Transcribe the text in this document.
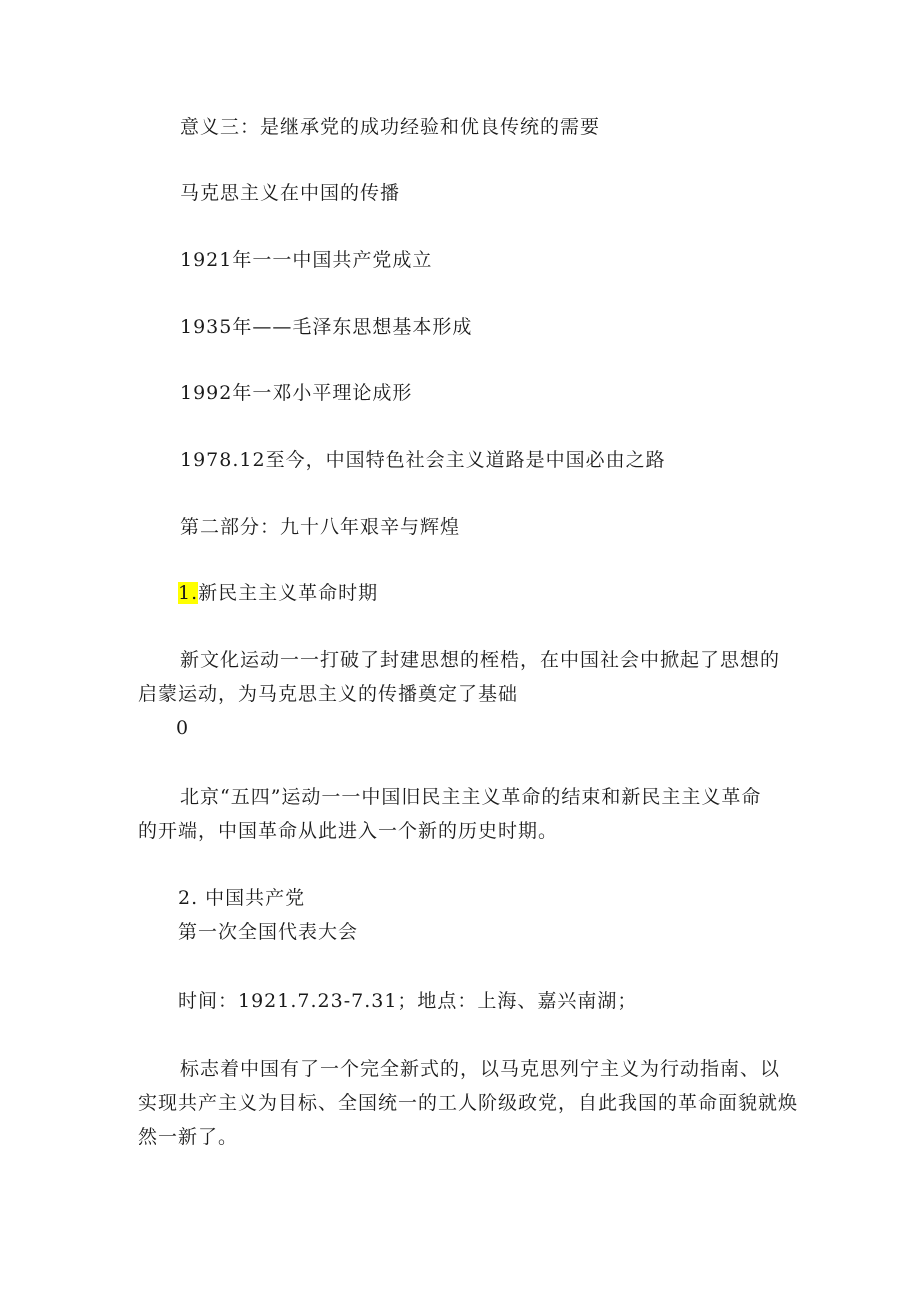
意义三：是继承党的成功经验和优良传统的需要

马克思主义在中国的传播

1921年一一中国共产党成立

1935年——毛泽东思想基本形成

1992年一邓小平理论成形

1978.12至今，中国特色社会主义道路是中国必由之路

第二部分：九十八年艰辛与辉煌

1.新民主主义革命时期

新文化运动一一打破了封建思想的桎梏，在中国社会中掀起了思想的

启蒙运动，为马克思主义的传播奠定了基础

0

北京“五四”运动一一中国旧民主主义革命的结束和新民主主义革命

的开端，中国革命从此进入一个新的历史时期。

2. 中国共产党

第一次全国代表大会

时间：1921.7.23-7.31；地点：上海、嘉兴南湖；

标志着中国有了一个完全新式的，以马克思列宁主义为行动指南、以

实现共产主义为目标、全国统一的工人阶级政党，自此我国的革命面貌就焕

然一新了。
